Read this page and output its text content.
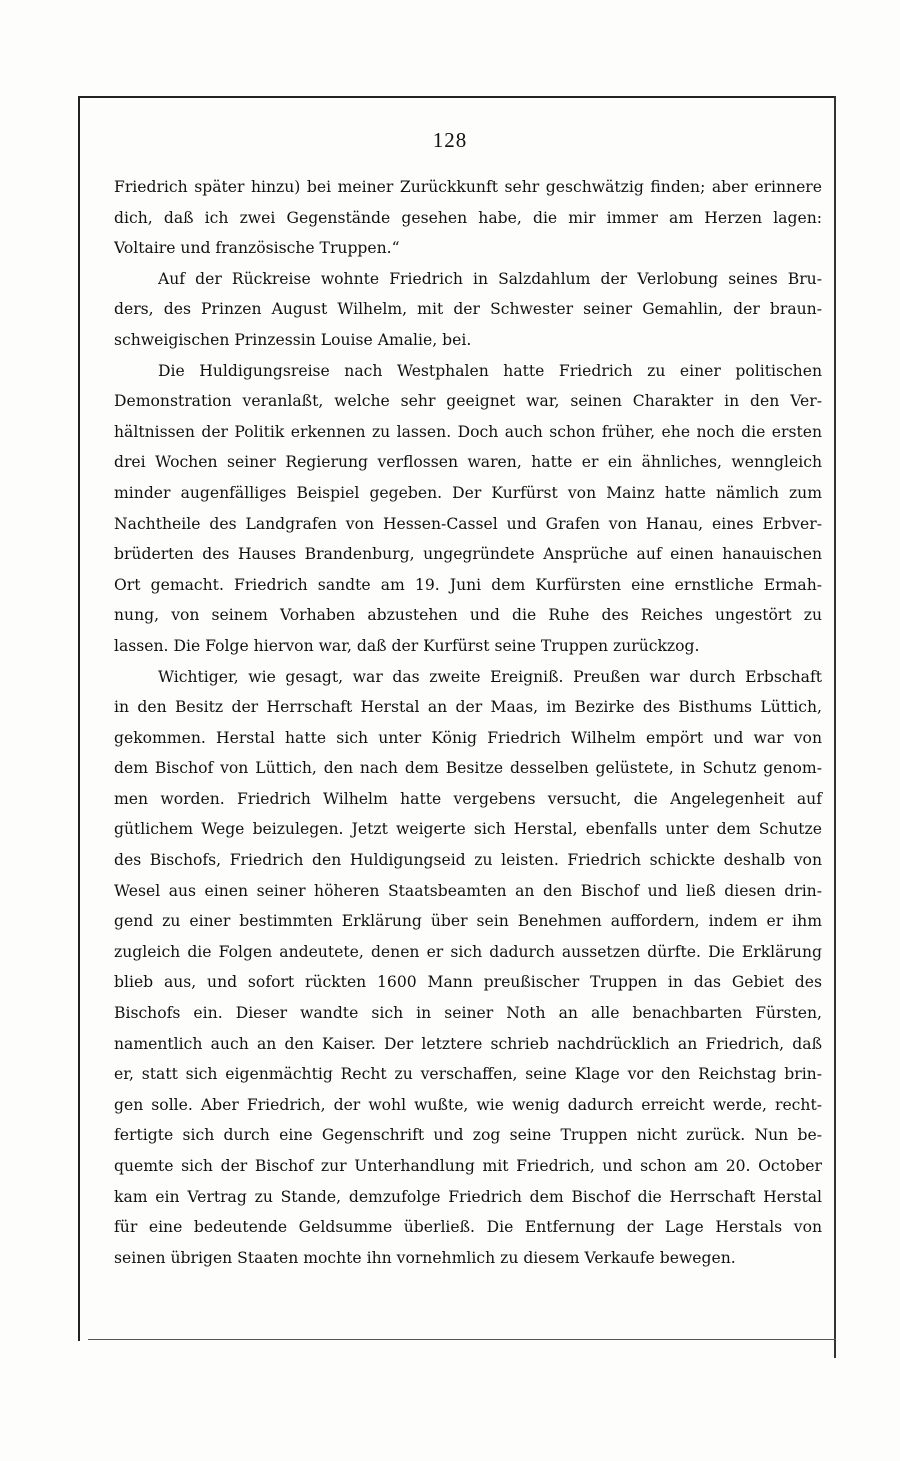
128
Friedrich später hinzu) bei meiner Zurückkunft sehr geschwätzig finden; aber erinnere
dich, daß ich zwei Gegenstände gesehen habe, die mir immer am Herzen lagen:
Voltaire und französische Truppen.“
Auf der Rückreise wohnte Friedrich in Salzdahlum der Verlobung seines Bru-
ders, des Prinzen August Wilhelm, mit der Schwester seiner Gemahlin, der braun-
schweigischen Prinzessin Louise Amalie, bei.
Die Huldigungsreise nach Westphalen hatte Friedrich zu einer politischen
Demonstration veranlaßt, welche sehr geeignet war, seinen Charakter in den Ver-
hältnissen der Politik erkennen zu lassen. Doch auch schon früher, ehe noch die ersten
drei Wochen seiner Regierung verflossen waren, hatte er ein ähnliches, wenngleich
minder augenfälliges Beispiel gegeben. Der Kurfürst von Mainz hatte nämlich zum
Nachtheile des Landgrafen von Hessen-Cassel und Grafen von Hanau, eines Erbver-
brüderten des Hauses Brandenburg, ungegründete Ansprüche auf einen hanauischen
Ort gemacht. Friedrich sandte am 19. Juni dem Kurfürsten eine ernstliche Ermah-
nung, von seinem Vorhaben abzustehen und die Ruhe des Reiches ungestört zu
lassen. Die Folge hiervon war, daß der Kurfürst seine Truppen zurückzog.
Wichtiger, wie gesagt, war das zweite Ereigniß. Preußen war durch Erbschaft
in den Besitz der Herrschaft Herstal an der Maas, im Bezirke des Bisthums Lüttich,
gekommen. Herstal hatte sich unter König Friedrich Wilhelm empört und war von
dem Bischof von Lüttich, den nach dem Besitze desselben gelüstete, in Schutz genom-
men worden. Friedrich Wilhelm hatte vergebens versucht, die Angelegenheit auf
gütlichem Wege beizulegen. Jetzt weigerte sich Herstal, ebenfalls unter dem Schutze
des Bischofs, Friedrich den Huldigungseid zu leisten. Friedrich schickte deshalb von
Wesel aus einen seiner höheren Staatsbeamten an den Bischof und ließ diesen drin-
gend zu einer bestimmten Erklärung über sein Benehmen auffordern, indem er ihm
zugleich die Folgen andeutete, denen er sich dadurch aussetzen dürfte. Die Erklärung
blieb aus, und sofort rückten 1600 Mann preußischer Truppen in das Gebiet des
Bischofs ein. Dieser wandte sich in seiner Noth an alle benachbarten Fürsten,
namentlich auch an den Kaiser. Der letztere schrieb nachdrücklich an Friedrich, daß
er, statt sich eigenmächtig Recht zu verschaffen, seine Klage vor den Reichstag brin-
gen solle. Aber Friedrich, der wohl wußte, wie wenig dadurch erreicht werde, recht-
fertigte sich durch eine Gegenschrift und zog seine Truppen nicht zurück. Nun be-
quemte sich der Bischof zur Unterhandlung mit Friedrich, und schon am 20. October
kam ein Vertrag zu Stande, demzufolge Friedrich dem Bischof die Herrschaft Herstal
für eine bedeutende Geldsumme überließ. Die Entfernung der Lage Herstals von
seinen übrigen Staaten mochte ihn vornehmlich zu diesem Verkaufe bewegen.
